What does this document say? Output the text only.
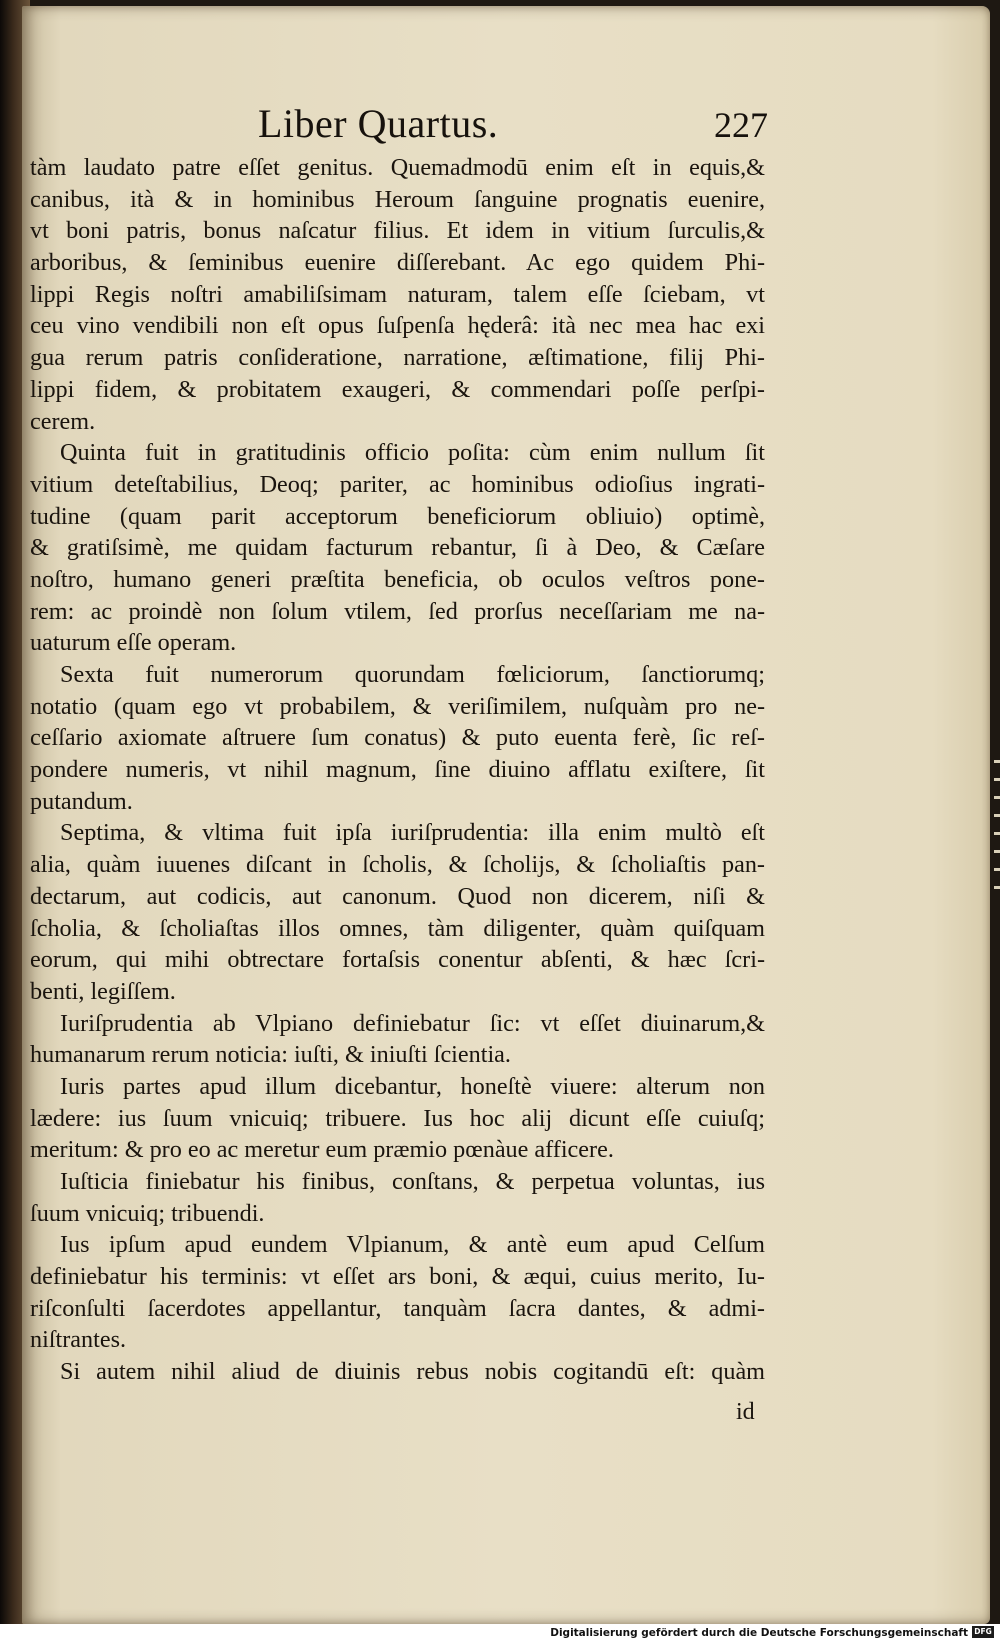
Liber Quartus.	227
tàm laudato patre eſſet genitus. Quemadmodū enim eſt in equis,&
canibus, ità & in hominibus Heroum ſanguine prognatis euenire,
vt boni patris, bonus naſcatur filius. Et idem in vitium ſurculis,&
arboribus, & ſeminibus euenire diſſerebant. Ac ego quidem Phi-
lippi Regis noſtri amabiliſsimam naturam, talem eſſe ſciebam, vt
ceu vino vendibili non eſt opus ſuſpenſa hęderâ: ità nec mea hac exi
gua rerum patris conſideratione, narratione, æſtimatione, filij Phi-
lippi fidem, & probitatem exaugeri, & commendari poſſe perſpi-
cerem.
Quinta fuit in gratitudinis officio poſita: cùm enim nullum ſit
vitium deteſtabilius, Deoq; pariter, ac hominibus odioſius ingrati-
tudine (quam parit acceptorum beneficiorum obliuio) optimè,
& gratiſsimè, me quidam facturum rebantur, ſi à Deo, & Cæſare
noſtro, humano generi præſtita beneficia, ob oculos veſtros pone-
rem: ac proindè non ſolum vtilem, ſed prorſus neceſſariam me na-
uaturum eſſe operam.
Sexta fuit numerorum quorundam fœliciorum, ſanctiorumq;
notatio (quam ego vt probabilem, & veriſimilem, nuſquàm pro ne-
ceſſario axiomate aſtruere ſum conatus) & puto euenta ferè, ſic reſ-
pondere numeris, vt nihil magnum, ſine diuino afflatu exiſtere, ſit
putandum.
Septima, & vltima fuit ipſa iuriſprudentia: illa enim multò eſt
alia, quàm iuuenes diſcant in ſcholis, & ſcholijs, & ſcholiaſtis pan-
dectarum, aut codicis, aut canonum. Quod non dicerem, niſi &
ſcholia, & ſcholiaſtas illos omnes, tàm diligenter, quàm quiſquam
eorum, qui mihi obtrectare fortaſsis conentur abſenti, & hæc ſcri-
benti, legiſſem.
Iuriſprudentia ab Vlpiano definiebatur ſic: vt eſſet diuinarum,&
humanarum rerum noticia: iuſti, & iniuſti ſcientia.
Iuris partes apud illum dicebantur, honeſtè viuere: alterum non
lædere: ius ſuum vnicuiq; tribuere. Ius hoc alij dicunt eſſe cuiuſq;
meritum: & pro eo ac meretur eum præmio pœnàue afficere.
Iuſticia finiebatur his finibus, conſtans, & perpetua voluntas, ius
ſuum vnicuiq; tribuendi.
Ius ipſum apud eundem Vlpianum, & antè eum apud Celſum
definiebatur his terminis: vt eſſet ars boni, & æqui, cuius merito, Iu-
riſconſulti ſacerdotes appellantur, tanquàm ſacra dantes, & admi-
niſtrantes.
Si autem nihil aliud de diuinis rebus nobis cogitandū eſt: quàm
id
Digitalisierung gefördert durch die Deutsche Forschungsgemeinschaft DFG
